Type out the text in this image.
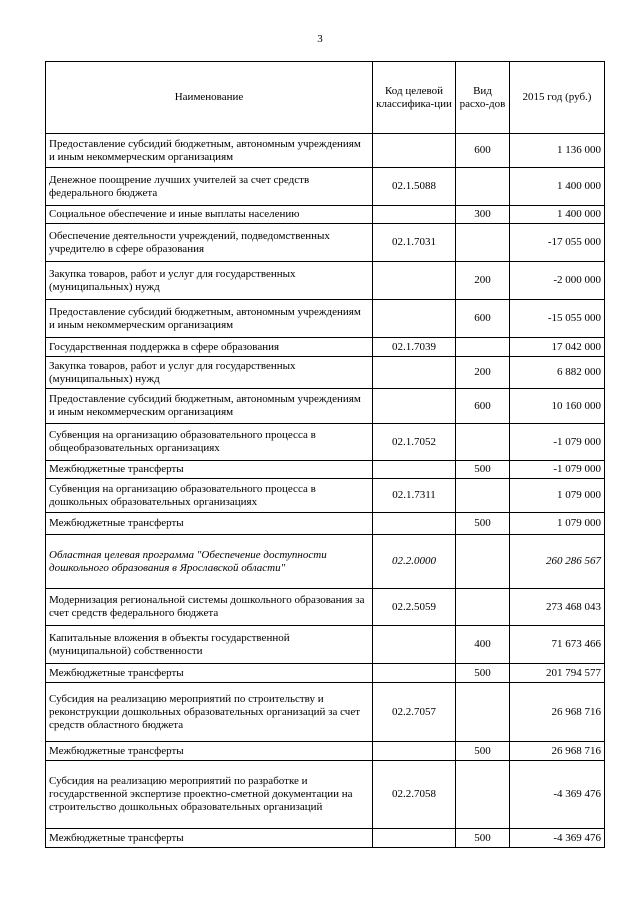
3
Наименование	Код целевой классифика-ции	Вид расхо-дов	2015 год (руб.)
Предоставление субсидий бюджетным, автономным учреждениям и иным некоммерческим организациям		600	1 136 000
Денежное поощрение лучших учителей за счет средств федерального бюджета	02.1.5088		1 400 000
Социальное обеспечение и иные выплаты населению		300	1 400 000
Обеспечение деятельности учреждений, подведомственных учредителю в сфере образования	02.1.7031		-17 055 000
Закупка товаров, работ и услуг для государственных (муниципальных) нужд		200	-2 000 000
Предоставление субсидий бюджетным, автономным учреждениям и иным некоммерческим организациям		600	-15 055 000
Государственная поддержка в сфере образования	02.1.7039		17 042 000
Закупка товаров, работ и услуг для государственных (муниципальных) нужд		200	6 882 000
Предоставление субсидий бюджетным, автономным учреждениям и иным некоммерческим организациям		600	10 160 000
Субвенция на организацию образовательного процесса в общеобразовательных организациях	02.1.7052		-1 079 000
Межбюджетные трансферты		500	-1 079 000
Субвенция на организацию образовательного процесса в дошкольных образовательных организациях	02.1.7311		1 079 000
Межбюджетные трансферты		500	1 079 000
Областная целевая программа "Обеспечение доступности дошкольного образования в Ярославской области"	02.2.0000		260 286 567
Модернизация региональной системы дошкольного образования за счет средств федерального бюджета	02.2.5059		273 468 043
Капитальные вложения в объекты государственной (муниципальной) собственности		400	71 673 466
Межбюджетные трансферты		500	201 794 577
Субсидия на реализацию мероприятий по строительству и реконструкции дошкольных образовательных организаций за счет средств областного бюджета	02.2.7057		26 968 716
Межбюджетные трансферты		500	26 968 716
Субсидия на реализацию мероприятий по разработке и государственной экспертизе проектно-сметной документации на строительство дошкольных образовательных организаций	02.2.7058		-4 369 476
Межбюджетные трансферты		500	-4 369 476
